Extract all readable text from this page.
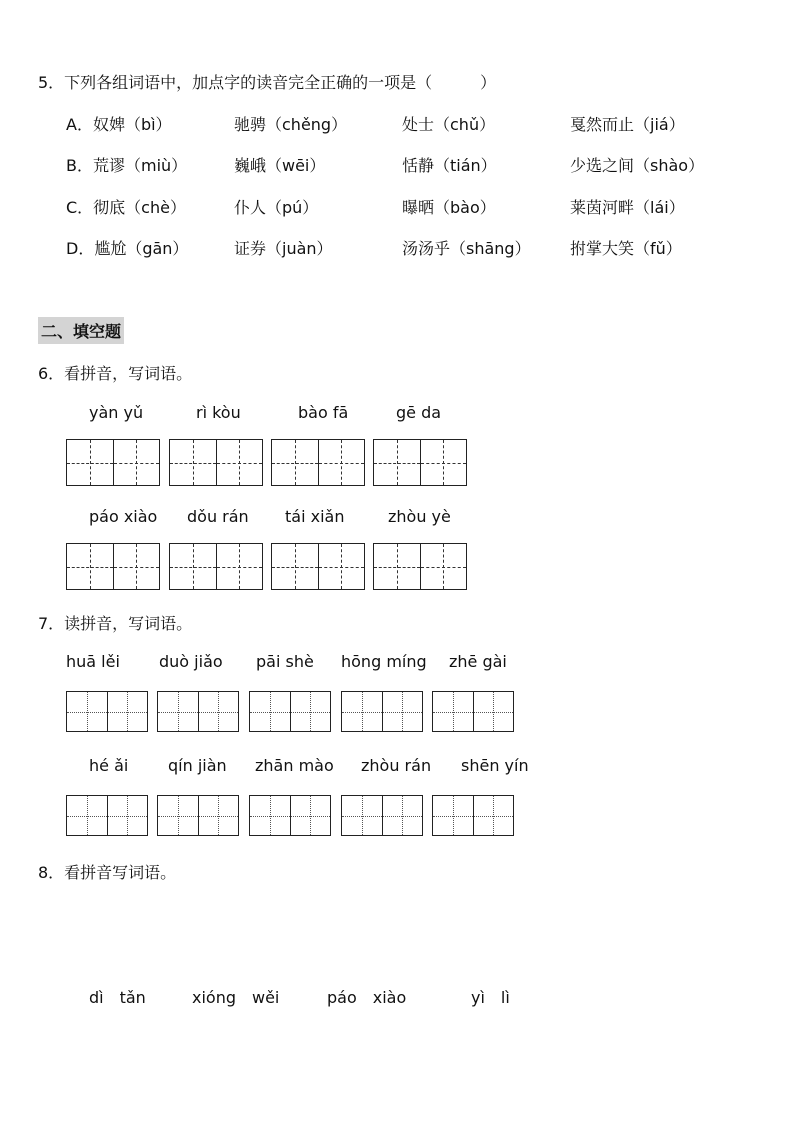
5．下列各组词语中，加点字的读音完全正确的一项是（　　　）
A．奴婢（bì）	驰骋（chěng）	处士（chǔ）	戛然而止（jiá）
B．荒谬（miù）	巍峨（wēi）	恬静（tián）	少选之间（shào）
C．彻底（chè）	仆人（pú）	曝晒（bào）	莱茵河畔（lái）
D．尴尬（gān）	证券（juàn）	汤汤乎（shāng） 拊掌大笑（fǔ）
二、填空题
6．看拼音，写词语。
yàn yǔ	rì kòu	bào fā	gē da
páo xiào dǒu rán tái xiǎn	zhòu yè
7．读拼音，写词语。
huā lěi duò jiǎo pāi shè hōng míng zhē gài
hé ǎi qín jiàn zhān mào zhòu rán shēn yín
8．看拼音写词语。
dì　tǎn	xióng　wěi	páo　xiào	yì　lì
